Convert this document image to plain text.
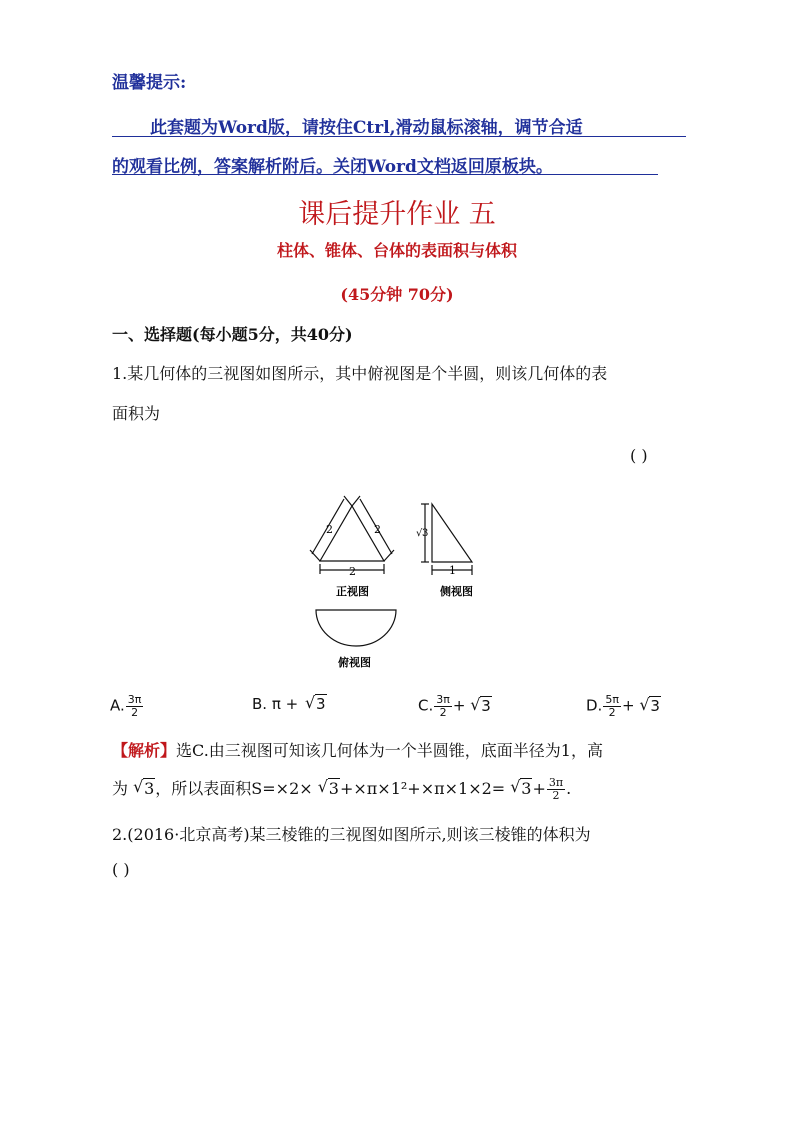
温馨提示:
此套题为Word版，请按住Ctrl,滑动鼠标滚轴，调节合适
的观看比例，答案解析附后。关闭Word文档返回原板块。
课后提升作业 五
柱体、锥体、台体的表面积与体积
(45分钟 70分)
一、选择题(每小题5分，共40分)
1.某几何体的三视图如图所示，其中俯视图是个半圆，则该几何体的表
面积为
( )
2	2
2
正视图
√ 3
1
侧视图
俯视图
A. $\frac{3\pi}{2}$	B. π + √ 3	C. $\frac{3\pi}{2}$ + √ 3	D. $\frac{5\pi}{2}$ + √ 3
【解析】选C.由三视图可知该几何体为一个半圆锥，底面半径为1，高
为 √ 3，所以表面积S=×2× √ 3+×π×1²+×π×1×2= √ $3+ \frac{3\pi}{2}$ .
2.(2016·北京高考)某三棱锥的三视图如图所示,则该三棱锥的体积为
( )
